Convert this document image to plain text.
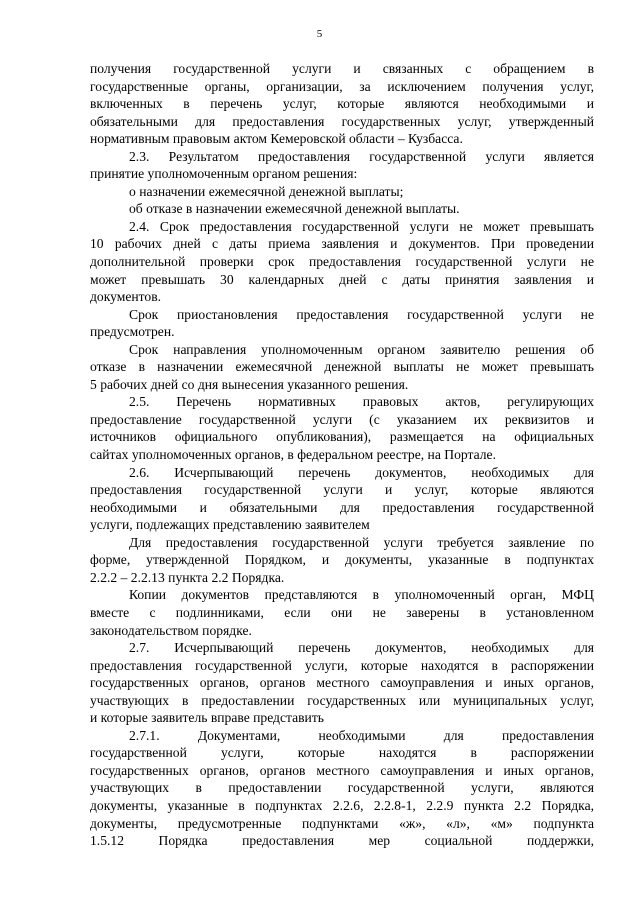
5
получения государственной услуги и связанных с обращением в
государственные органы, организации, за исключением получения услуг,
включенных в перечень услуг, которые являются необходимыми и
обязательными для предоставления государственных услуг, утвержденный
нормативным правовым актом Кемеровской области – Кузбасса.
2.3. Результатом предоставления государственной услуги является
принятие уполномоченным органом решения:
о назначении ежемесячной денежной выплаты;
об отказе в назначении ежемесячной денежной выплаты.
2.4. Срок предоставления государственной услуги не может превышать
10 рабочих дней с даты приема заявления и документов. При проведении
дополнительной проверки срок предоставления государственной услуги не
может превышать 30 календарных дней с даты принятия заявления и
документов.
Срок приостановления предоставления государственной услуги не
предусмотрен.
Срок направления уполномоченным органом заявителю решения об
отказе в назначении ежемесячной денежной выплаты не может превышать
5 рабочих дней со дня вынесения указанного решения.
2.5. Перечень нормативных правовых актов, регулирующих
предоставление государственной услуги (с указанием их реквизитов и
источников официального опубликования), размещается на официальных
сайтах уполномоченных органов, в федеральном реестре, на Портале.
2.6. Исчерпывающий перечень документов, необходимых для
предоставления государственной услуги и услуг, которые являются
необходимыми и обязательными для предоставления государственной
услуги, подлежащих представлению заявителем
Для предоставления государственной услуги требуется заявление по
форме, утвержденной Порядком, и документы, указанные в подпунктах
2.2.2 – 2.2.13 пункта 2.2 Порядка.
Копии документов представляются в уполномоченный орган, МФЦ
вместе с подлинниками, если они не заверены в установленном
законодательством порядке.
2.7. Исчерпывающий перечень документов, необходимых для
предоставления государственной услуги, которые находятся в распоряжении
государственных органов, органов местного самоуправления и иных органов,
участвующих в предоставлении государственных или муниципальных услуг,
и которые заявитель вправе представить
2.7.1. Документами, необходимыми для предоставления
государственной услуги, которые находятся в распоряжении
государственных органов, органов местного самоуправления и иных органов,
участвующих в предоставлении государственной услуги, являются
документы, указанные в подпунктах 2.2.6, 2.2.8-1, 2.2.9 пункта 2.2 Порядка,
документы, предусмотренные подпунктами «ж», «л», «м» подпункта
1.5.12 Порядка предоставления мер социальной поддержки,
